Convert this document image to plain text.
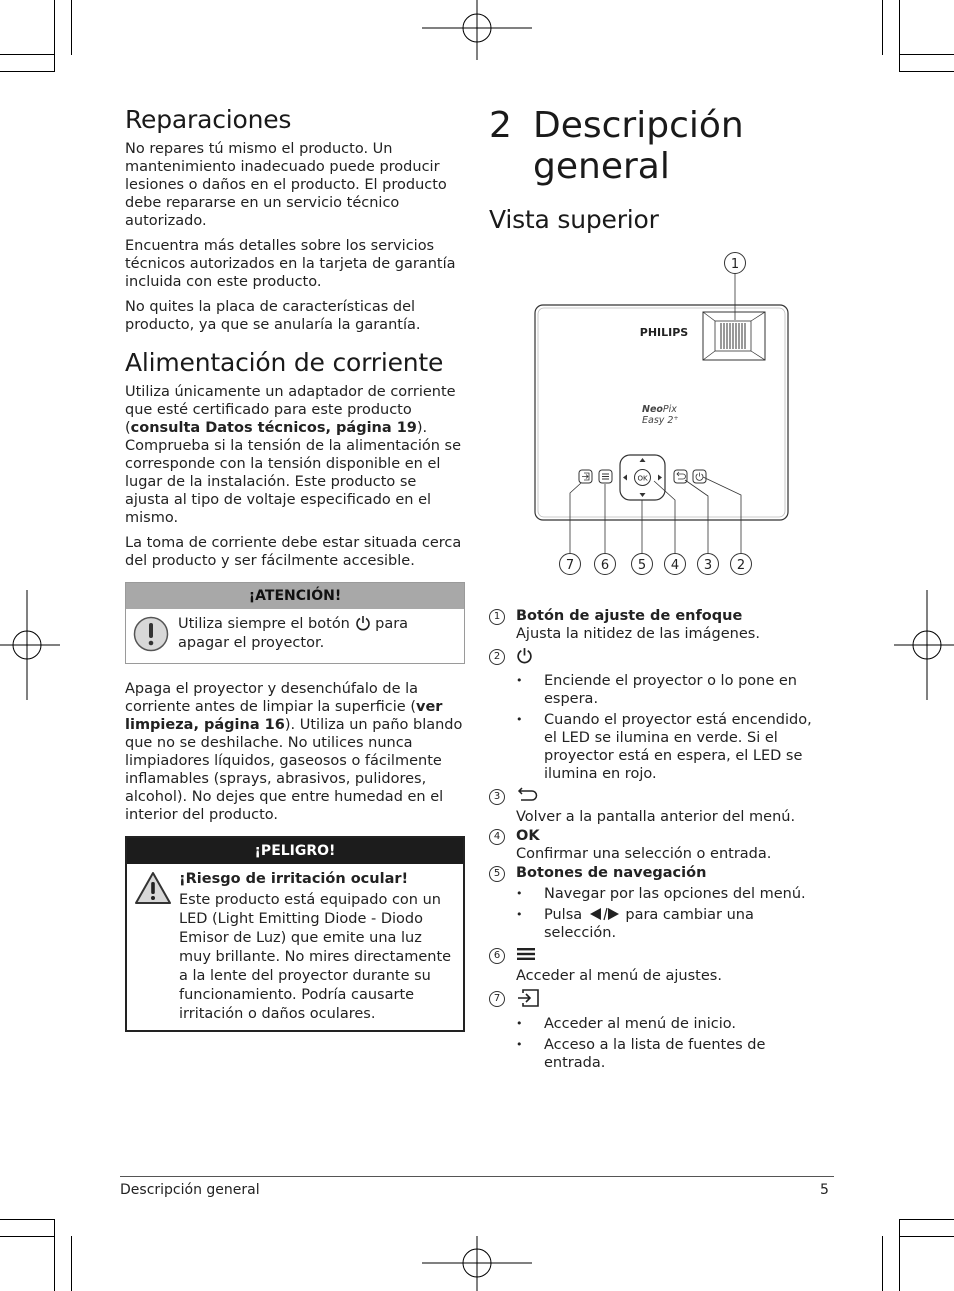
Reparaciones

No repares tú mismo el producto. Un mantenimiento inadecuado puede producir lesiones o daños en el producto. El producto debe repararse en un servicio técnico autorizado.

Encuentra más detalles sobre los servicios técnicos autorizados en la tarjeta de garantía incluida con este producto.

No quites la placa de características del producto, ya que se anularía la garantía.

Alimentación de corriente

Utiliza únicamente un adaptador de corriente que esté certificado para este producto (consulta Datos técnicos, página 19). Comprueba si la tensión de la alimentación se corresponde con la tensión disponible en el lugar de la instalación. Este producto se ajusta al tipo de voltaje especificado en el mismo.

La toma de corriente debe estar situada cerca del producto y ser fácilmente accesible.

¡ATENCIÓN!
Utiliza siempre el botón para apagar el proyector.

Apaga el proyector y desenchúfalo de la corriente antes de limpiar la superficie (ver limpieza, página 16). Utiliza un paño blando que no se deshilache. No utilices nunca limpiadores líquidos, gaseosos o fácilmente inflamables (sprays, abrasivos, pulidores, alcohol). No dejes que entre humedad en el interior del producto.

¡PELIGRO!
¡Riesgo de irritación ocular!
Este producto está equipado con un LED (Light Emitting Diode - Diodo Emisor de Luz) que emite una luz muy brillante. No mires directamente a la lente del proyector durante su funcionamiento. Podría causarte irritación o daños oculares.
2 Descripción
general
Vista superior
PHILIPS
NeoPix
Easy 2+
OK
1
7 6 5 4 3 2
1	Botón de ajuste de enfoque
Ajusta la nitidez de las imágenes.
2
• Enciende el proyector o lo pone en espera.
• Cuando el proyector está encendido, el LED se ilumina en verde. Si el proyector está en espera, el LED se ilumina en rojo.
3
Volver a la pantalla anterior del menú.
4	OK
Confirmar una selección o entrada.
5	Botones de navegación
• Navegar por las opciones del menú.
• Pulsa	para cambiar una selección.
6
Acceder al menú de ajustes.
7
• Acceder al menú de inicio.
• Acceso a la lista de fuentes de entrada.
Descripción general	5
